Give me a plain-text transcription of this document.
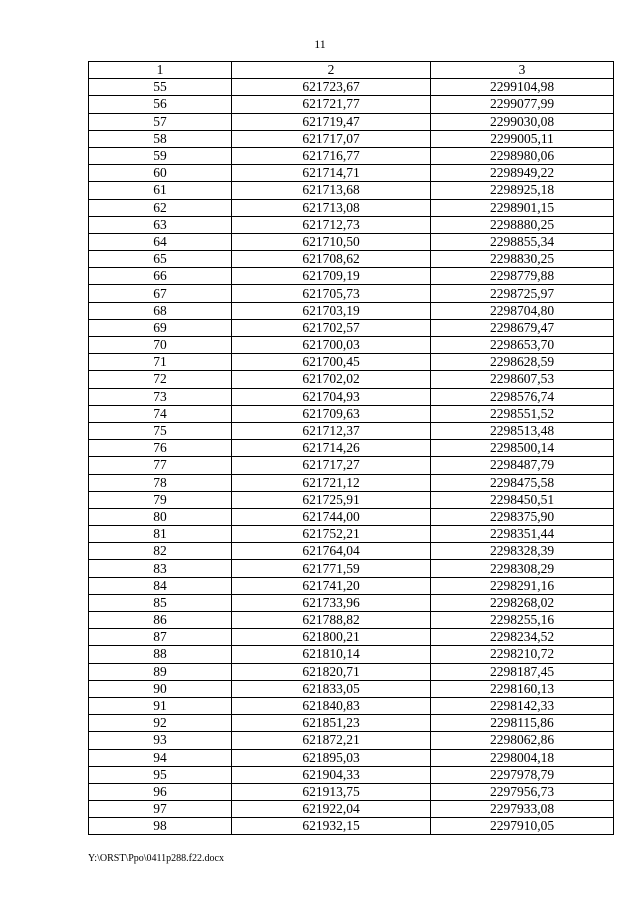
11
1	2	3
55	621723,67	2299104,98
56	621721,77	2299077,99
57	621719,47	2299030,08
58	621717,07	2299005,11
59	621716,77	2298980,06
60	621714,71	2298949,22
61	621713,68	2298925,18
62	621713,08	2298901,15
63	621712,73	2298880,25
64	621710,50	2298855,34
65	621708,62	2298830,25
66	621709,19	2298779,88
67	621705,73	2298725,97
68	621703,19	2298704,80
69	621702,57	2298679,47
70	621700,03	2298653,70
71	621700,45	2298628,59
72	621702,02	2298607,53
73	621704,93	2298576,74
74	621709,63	2298551,52
75	621712,37	2298513,48
76	621714,26	2298500,14
77	621717,27	2298487,79
78	621721,12	2298475,58
79	621725,91	2298450,51
80	621744,00	2298375,90
81	621752,21	2298351,44
82	621764,04	2298328,39
83	621771,59	2298308,29
84	621741,20	2298291,16
85	621733,96	2298268,02
86	621788,82	2298255,16
87	621800,21	2298234,52
88	621810,14	2298210,72
89	621820,71	2298187,45
90	621833,05	2298160,13
91	621840,83	2298142,33
92	621851,23	2298115,86
93	621872,21	2298062,86
94	621895,03	2298004,18
95	621904,33	2297978,79
96	621913,75	2297956,73
97	621922,04	2297933,08
98	621932,15	2297910,05
Y:\ORST\Ppo\0411p288.f22.docx
